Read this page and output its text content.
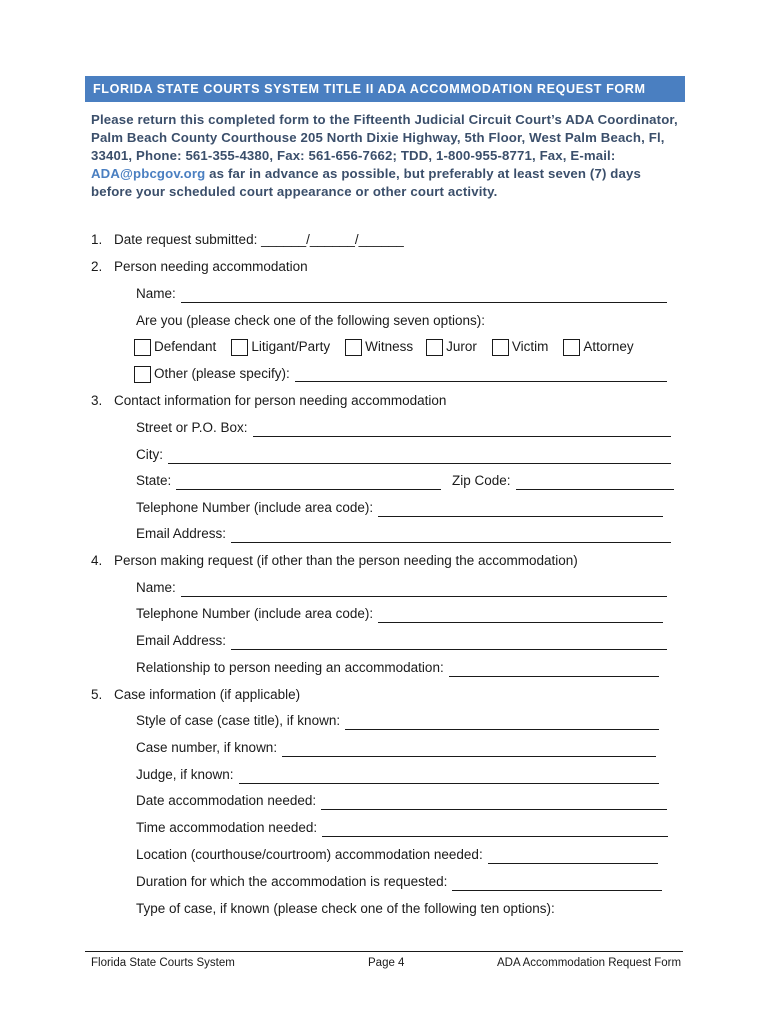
FLORIDA STATE COURTS SYSTEM TITLE II ADA ACCOMMODATION REQUEST FORM
Please return this completed form to the Fifteenth Judicial Circuit Court’s ADA Coordinator, Palm Beach County Courthouse 205 North Dixie Highway, 5th Floor, West Palm Beach, Fl, 33401, Phone: 561-355-4380, Fax: 561-656-7662; TDD, 1-800-955-8771, Fax, E-mail: ADA@pbcgov.org as far in advance as possible, but preferably at least seven (7) days before your scheduled court appearance or other court activity.
1. Date request submitted: ______/______/______
2. Person needing accommodation
Name:
Are you (please check one of the following seven options):
Defendant	Litigant/Party	Witness Juror	Victim	Attorney
Other (please specify):
3. Contact information for person needing accommodation
Street or P.O. Box:
City:
State:	Zip Code:
Telephone Number (include area code):
Email Address:
4. Person making request (if other than the person needing the accommodation)
Name:
Telephone Number (include area code):
Email Address:
Relationship to person needing an accommodation:
5. Case information (if applicable)
Style of case (case title), if known:
Case number, if known:
Judge, if known:
Date accommodation needed:
Time accommodation needed:
Location (courthouse/courtroom) accommodation needed:
Duration for which the accommodation is requested:
Type of case, if known (please check one of the following ten options):
Florida State Courts System	Page 4	ADA Accommodation Request Form
